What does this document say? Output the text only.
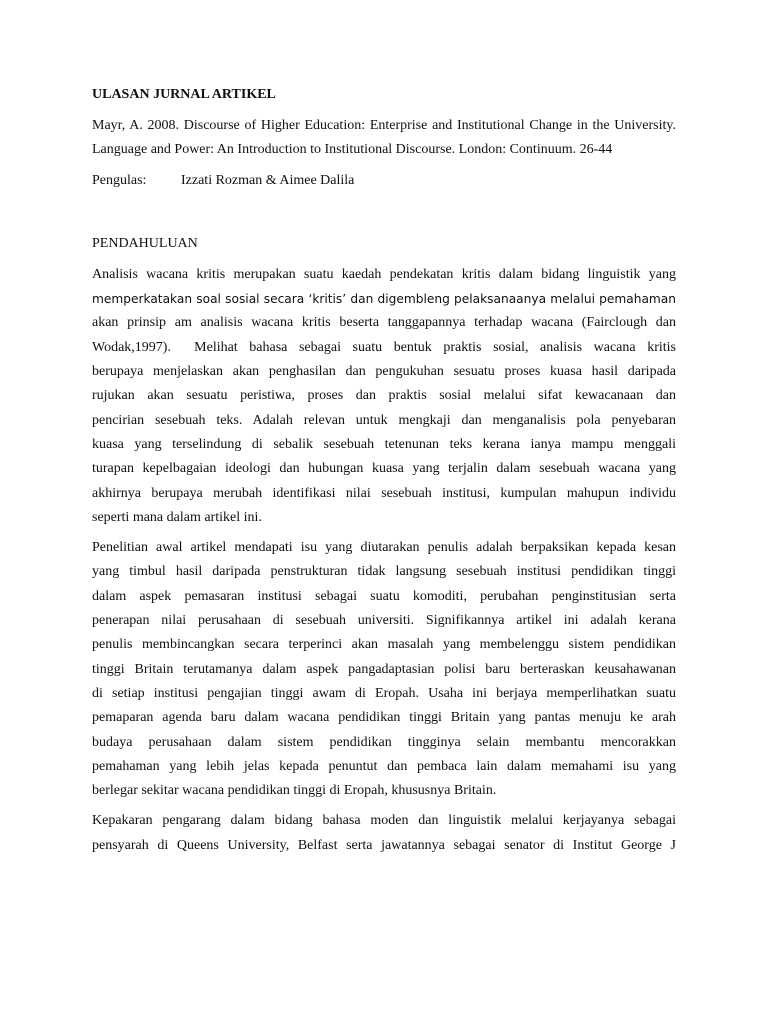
ULASAN JURNAL ARTIKEL
Mayr, A. 2008. Discourse of Higher Education: Enterprise and Institutional Change in the University. Language and Power: An Introduction to Institutional Discourse. London: Continuum. 26-44
Pengulas:	Izzati Rozman & Aimee Dalila
PENDAHULUAN
Analisis wacana kritis merupakan suatu kaedah pendekatan kritis dalam bidang linguistik yang
memperkatakan soal sosial secara ‘kritis’ dan digembleng pelaksanaanya melalui pemahaman
akan prinsip am analisis wacana kritis beserta tanggapannya terhadap wacana (Fairclough dan
Wodak,1997).  Melihat bahasa sebagai suatu bentuk praktis sosial, analisis wacana kritis
berupaya menjelaskan akan penghasilan dan pengukuhan sesuatu proses kuasa hasil daripada
rujukan akan sesuatu peristiwa, proses dan praktis sosial melalui sifat kewacanaan dan
pencirian sesebuah teks. Adalah relevan untuk mengkaji dan menganalisis pola penyebaran
kuasa yang terselindung di sebalik sesebuah tetenunan teks kerana ianya mampu menggali
turapan kepelbagaian ideologi dan hubungan kuasa yang terjalin dalam sesebuah wacana yang
akhirnya berupaya merubah identifikasi nilai sesebuah institusi, kumpulan mahupun individu
seperti mana dalam artikel ini.
Penelitian awal artikel mendapati isu yang diutarakan penulis adalah berpaksikan kepada kesan
yang timbul hasil daripada penstrukturan tidak langsung sesebuah institusi pendidikan tinggi
dalam aspek pemasaran institusi sebagai suatu komoditi, perubahan penginstitusian serta
penerapan nilai perusahaan di sesebuah universiti. Signifikannya artikel ini adalah kerana
penulis membincangkan secara terperinci akan masalah yang membelenggu sistem pendidikan
tinggi Britain terutamanya dalam aspek pangadaptasian polisi baru berteraskan keusahawanan
di setiap institusi pengajian tinggi awam di Eropah. Usaha ini berjaya memperlihatkan suatu
pemaparan agenda baru dalam wacana pendidikan tinggi Britain yang pantas menuju ke arah
budaya perusahaan dalam sistem pendidikan tingginya selain membantu mencorakkan
pemahaman yang lebih jelas kepada penuntut dan pembaca lain dalam memahami isu yang
berlegar sekitar wacana pendidikan tinggi di Eropah, khususnya Britain.
Kepakaran pengarang dalam bidang bahasa moden dan linguistik melalui kerjayanya sebagai
pensyarah di Queens University, Belfast serta jawatannya sebagai senator di Institut George J
